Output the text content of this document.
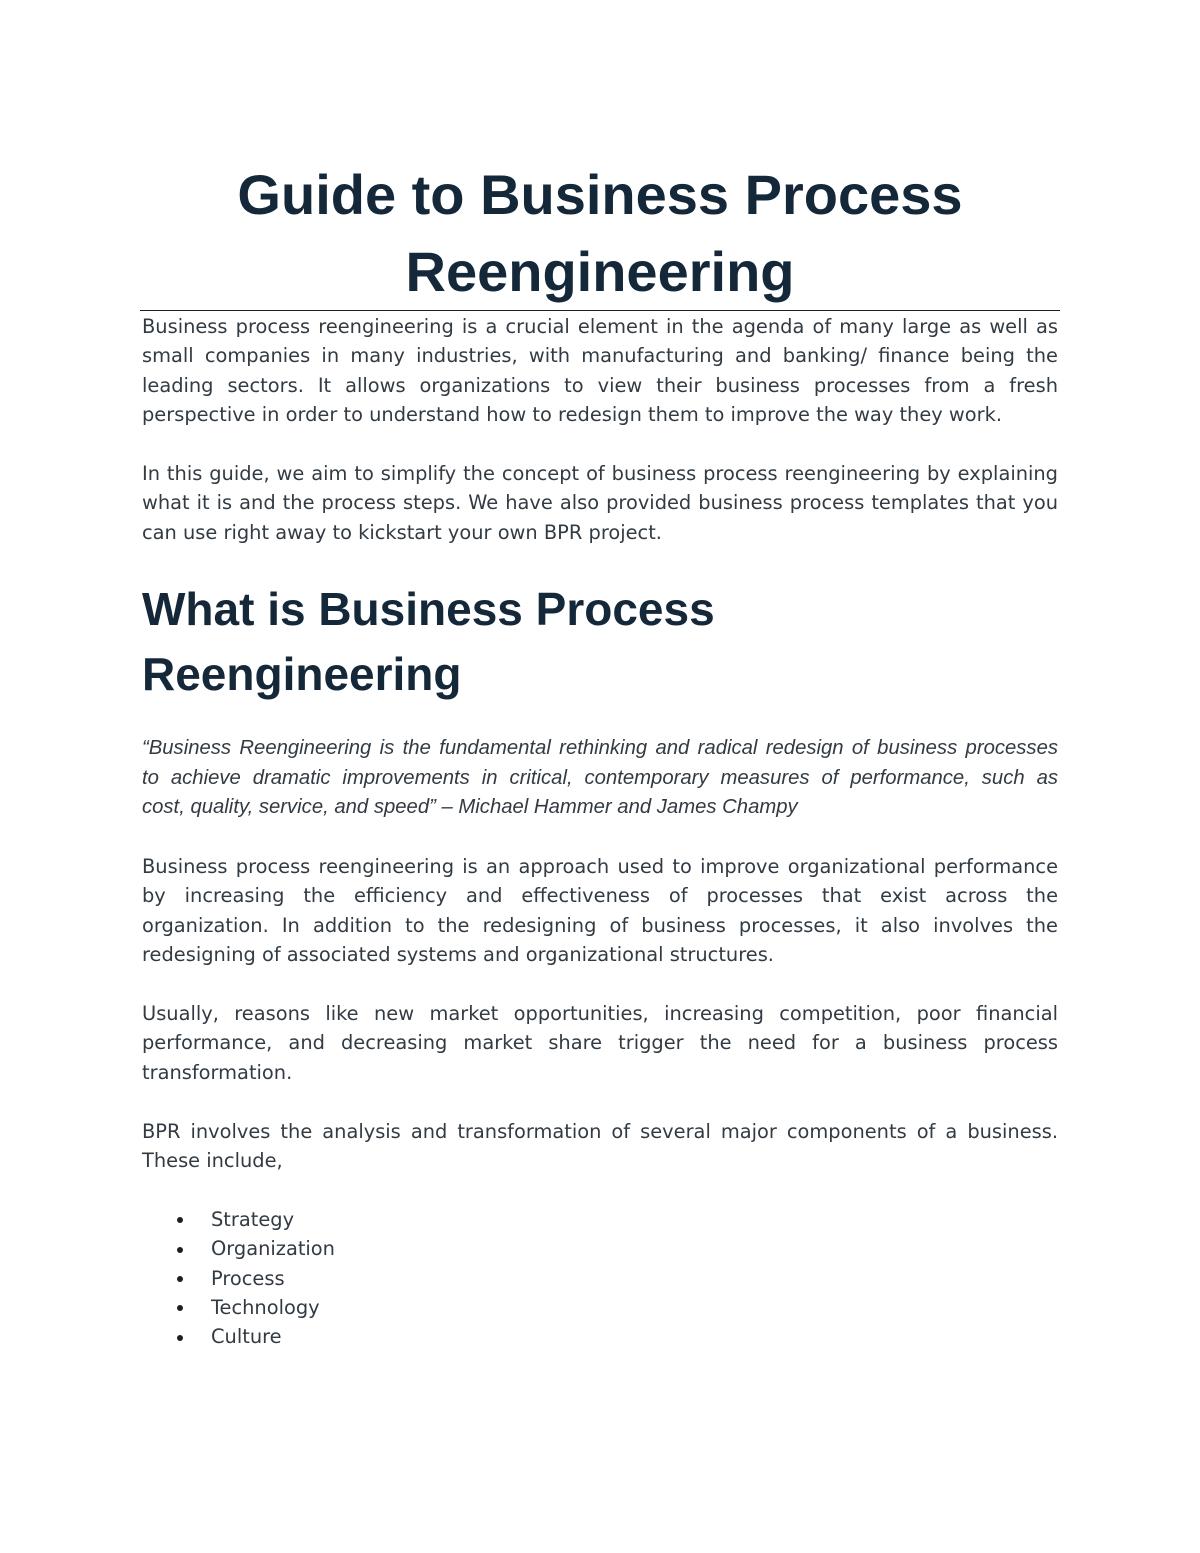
Guide to Business Process Reengineering
Business process reengineering is a crucial element in the agenda of many large as well as
small companies in many industries, with manufacturing and banking/ finance being the
leading sectors. It allows organizations to view their business processes from a fresh
perspective in order to understand how to redesign them to improve the way they work.
In this guide, we aim to simplify the concept of business process reengineering by explaining
what it is and the process steps. We have also provided business process templates that you
can use right away to kickstart your own BPR project.
What is Business Process Reengineering
“Business Reengineering is the fundamental rethinking and radical redesign of business processes
to achieve dramatic improvements in critical, contemporary measures of performance, such as
cost, quality, service, and speed” – Michael Hammer and James Champy
Business process reengineering is an approach used to improve organizational performance
by increasing the efficiency and effectiveness of processes that exist across the
organization. In addition to the redesigning of business processes, it also involves the
redesigning of associated systems and organizational structures.
Usually, reasons like new market opportunities, increasing competition, poor financial
performance, and decreasing market share trigger the need for a business process
transformation.
BPR involves the analysis and transformation of several major components of a business.
These include,
Strategy
Organization
Process
Technology
Culture
